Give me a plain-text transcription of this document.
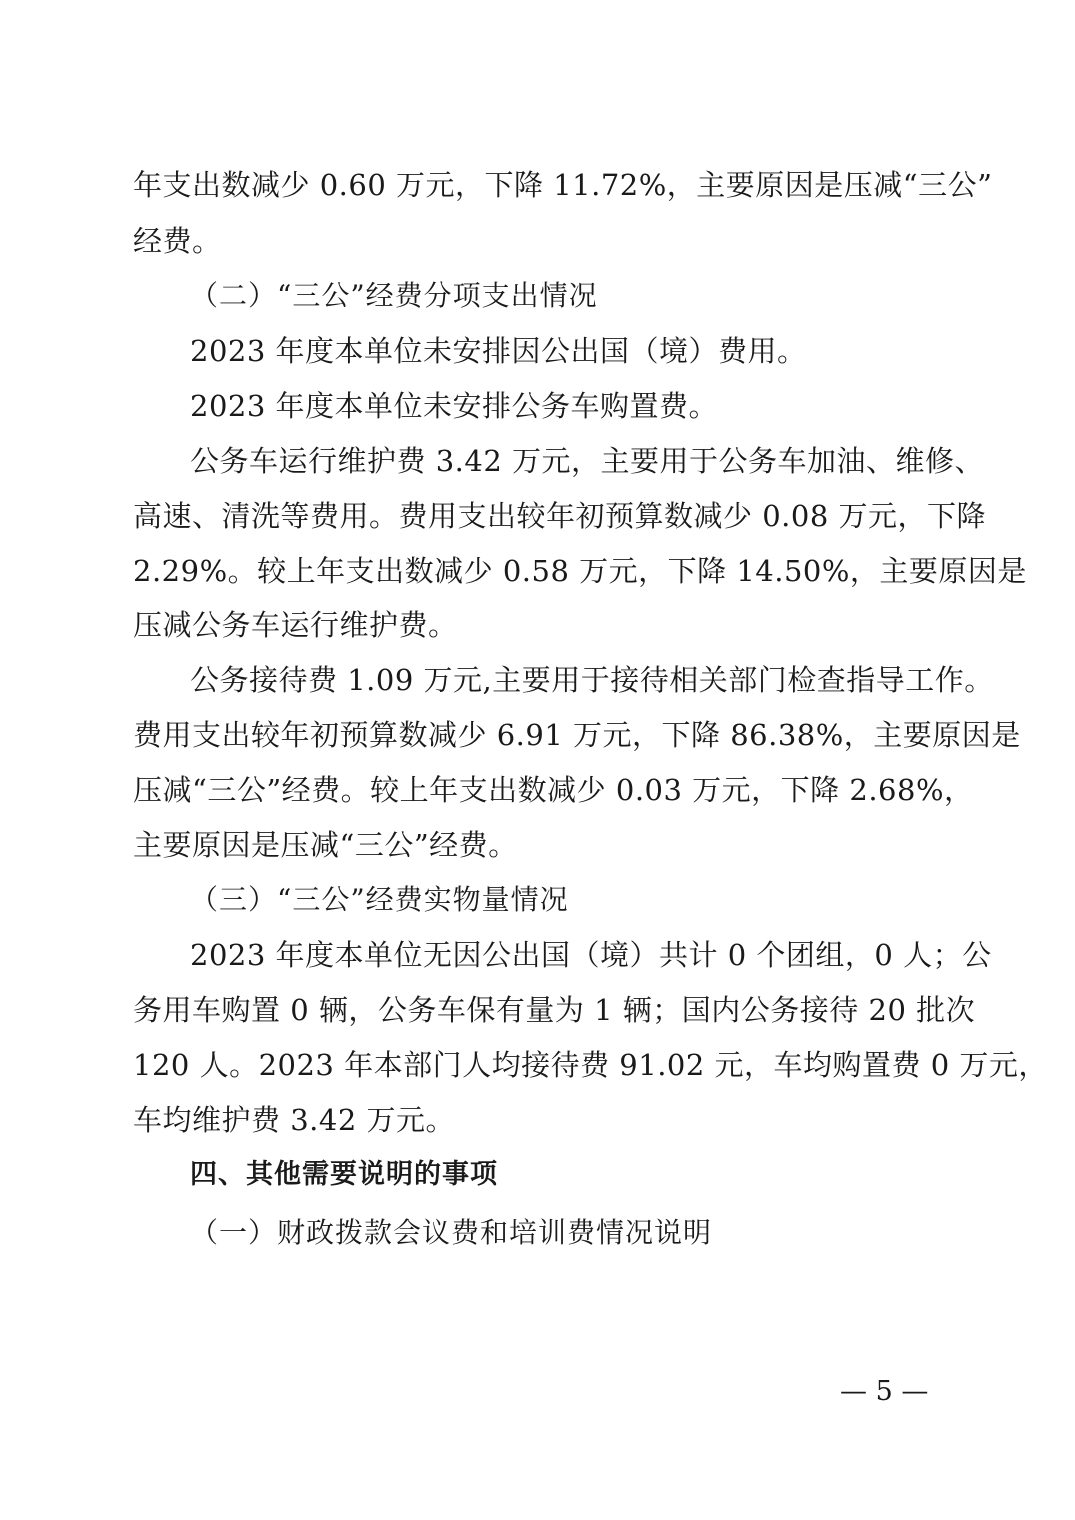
年支出数减少 0.60 万元，下降 11.72%，主要原因是压减“三公”
经费。
（二）“三公”经费分项支出情况
2023 年度本单位未安排因公出国（境）费用。
2023 年度本单位未安排公务车购置费。
公务车运行维护费 3.42 万元，主要用于公务车加油、维修、
高速、清洗等费用。费用支出较年初预算数减少 0.08 万元，下降
2.29%。较上年支出数减少 0.58 万元，下降 14.50%，主要原因是
压减公务车运行维护费。
公务接待费 1.09 万元,主要用于接待相关部门检查指导工作。
费用支出较年初预算数减少 6.91 万元，下降 86.38%，主要原因是
压减“三公”经费。较上年支出数减少 0.03 万元，下降 2.68%，
主要原因是压减“三公”经费。
（三）“三公”经费实物量情况
2023 年度本单位无因公出国（境）共计 0 个团组，0 人；公
务用车购置 0 辆，公务车保有量为 1 辆；国内公务接待 20 批次
120 人。2023 年本部门人均接待费 91.02 元，车均购置费 0 万元，
车均维护费 3.42 万元。
四、其他需要说明的事项
（一）财政拨款会议费和培训费情况说明
— 5 —
